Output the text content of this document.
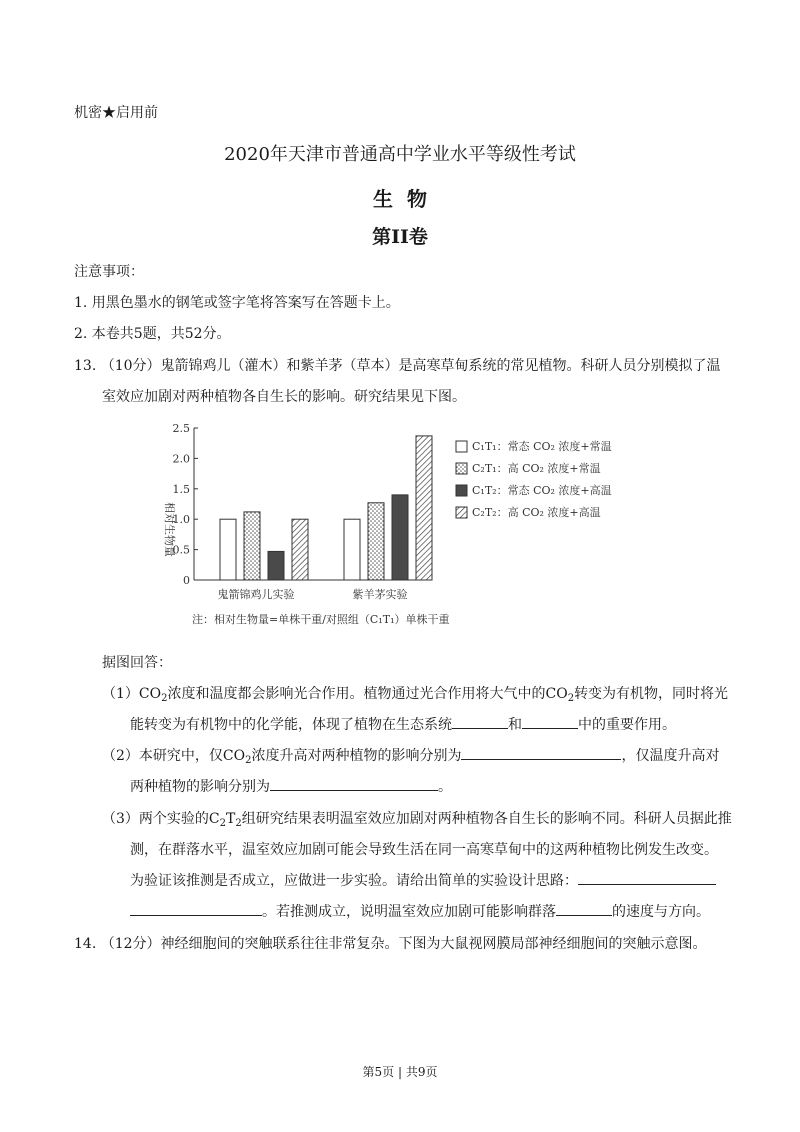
机密★启用前
2020年天津市普通高中学业水平等级性考试
生物
第II卷
注意事项：
1. 用黑色墨水的钢笔或签字笔将答案写在答题卡上。
2. 本卷共5题，共52分。
13. （10分）鬼箭锦鸡儿（灌木）和紫羊茅（草本）是高寒草甸系统的常见植物。科研人员分别模拟了温
室效应加剧对两种植物各自生长的影响。研究结果见下图。
相对生物量
0
0.5
1.0
1.5
2.0
2.5
鬼箭锦鸡儿实验	紫羊茅实验
C₁T₁：常态 CO₂ 浓度+常温
C₂T₁：高 CO₂ 浓度+常温
C₁T₂：常态 CO₂ 浓度+高温
C₂T₂：高 CO₂ 浓度+高温
注：相对生物量=单株干重∕对照组（C₁T₁）单株干重
据图回答：
$(1)CO_2$浓度和温度都会影响光合作用。植物通过光合作用将大气中的$CO_2$转变为有机物，同时将光
能转变为有机物中的化学能，体现了植物在生态系统	和	中的重要作用。
（2）本研究中，仅$CO_2$浓度升高对两种植物的影响分别为	，仅温度升高对
两种植物的影响分别为	。
（3）两个实验的$C_2T_2$组研究结果表明温室效应加剧对两种植物各自生长的影响不同。科研人员据此推
测，在群落水平，温室效应加剧可能会导致生活在同一高寒草甸中的这两种植物比例发生改变。
为验证该推测是否成立，应做进一步实验。请给出简单的实验设计思路：
。若推测成立，说明温室效应加剧可能影响群落	的速度与方向。
14. （12分）神经细胞间的突触联系往往非常复杂。下图为大鼠视网膜局部神经细胞间的突触示意图。
第5页 | 共9页
